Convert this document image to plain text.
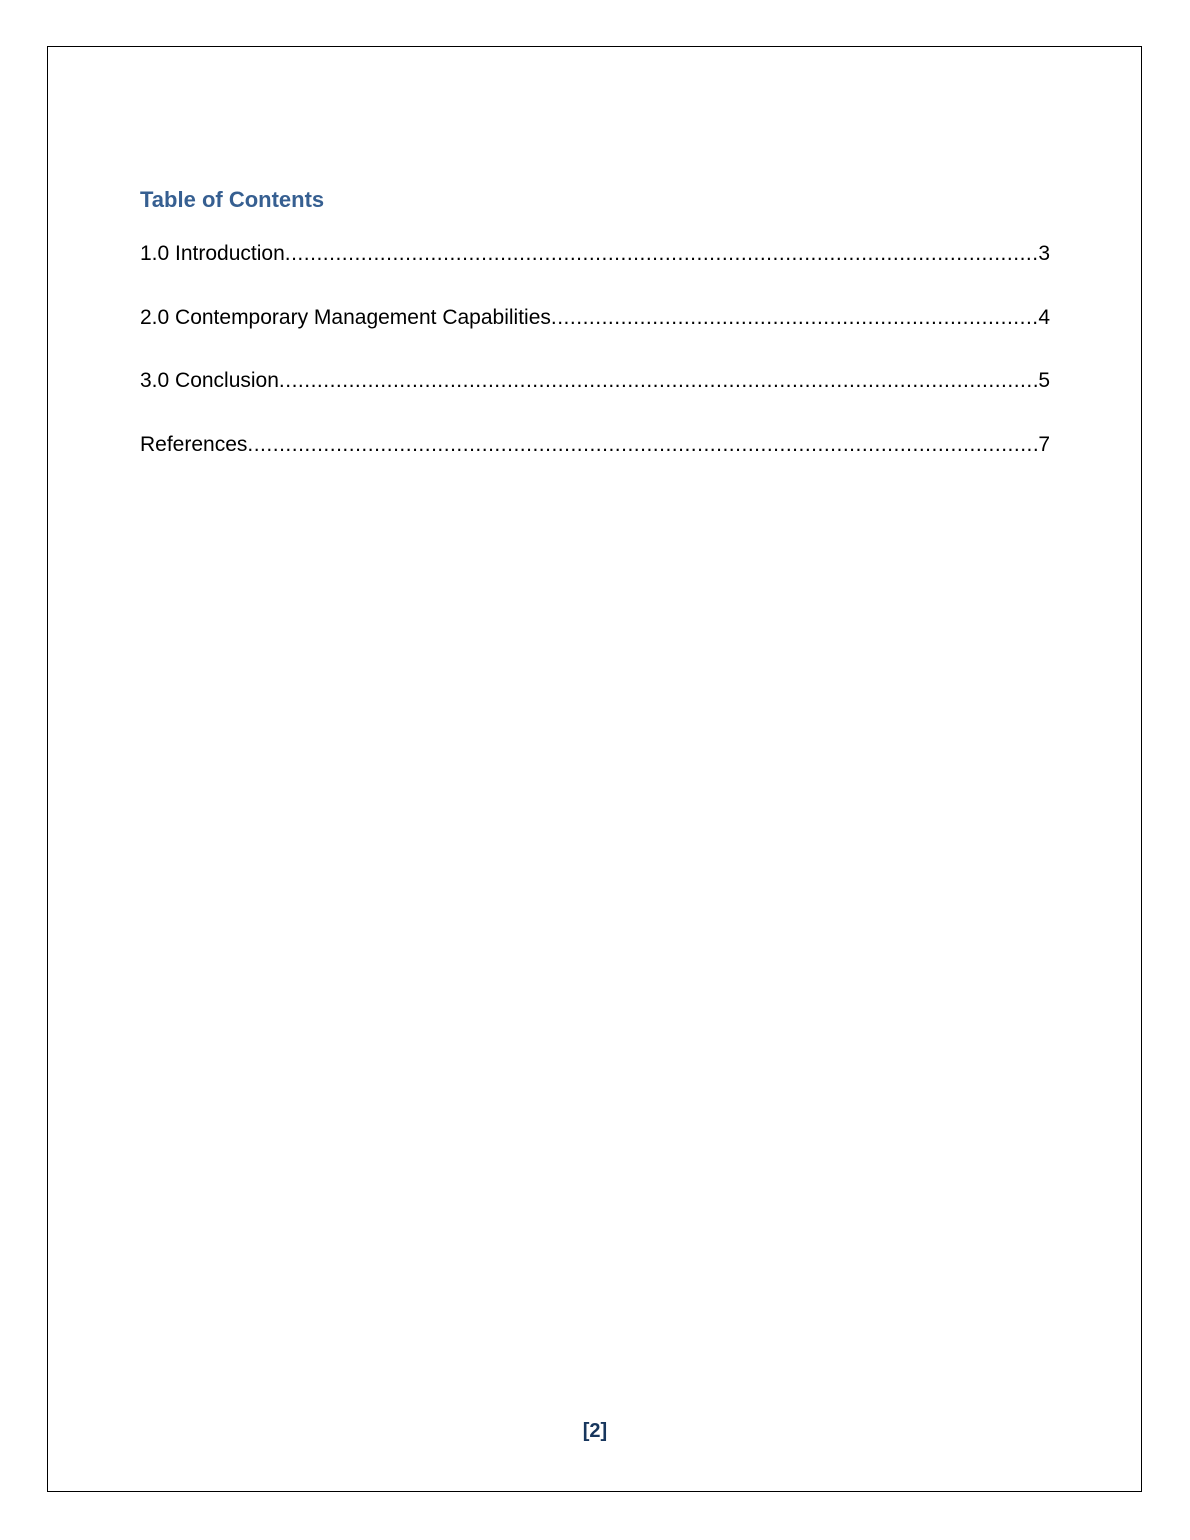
Table of Contents
1.0 Introduction .....	3
2.0 Contemporary Management Capabilities .....	4
3.0 Conclusion .....	5
References .....	7
[2]
